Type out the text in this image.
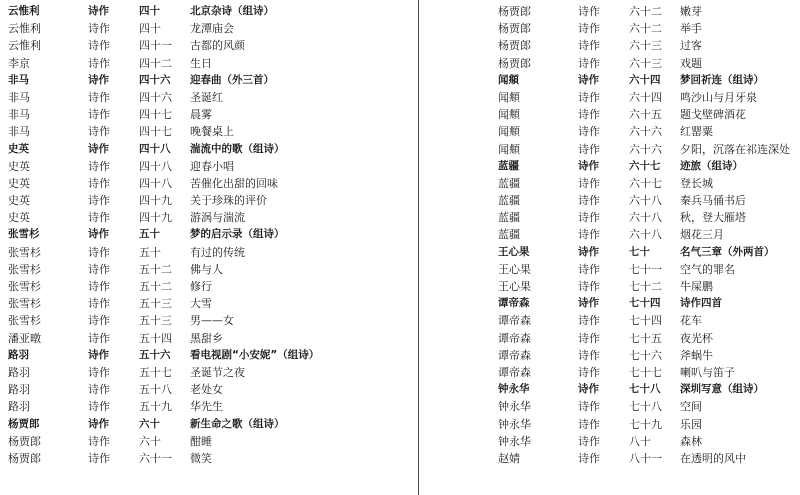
云惟利	诗作	四十	北京杂诗（组诗）
云惟利	诗作	四十	龙潭庙会
云惟利	诗作	四十一 古都的风颜
李京	诗作	四十二 生日
非马	诗作	四十六 迎春曲（外三首）
非马	诗作	四十六 圣诞红
非马	诗作	四十七 晨雾
非马	诗作	四十七 晚餐桌上
史英	诗作	四十八 湍流中的歌（组诗）
史英	诗作	四十八 迎春小唱
史英	诗作	四十八 苦催化出甜的回味
史英	诗作	四十九 关于珍珠的评价
史英	诗作	四十九 游涡与湍流
张雪杉	诗作	五十	梦的启示录（组诗）
张雪杉	诗作	五十	有过的传统
张雪杉	诗作	五十二 佛与人
张雪杉	诗作	五十二 修行
张雪杉	诗作	五十三 大雪
张雪杉	诗作	五十三 男——女
潘亚暾	诗作	五十四 黑甜乡
路羽	诗作	五十六 看电视剧“小安妮”（组诗）
路羽	诗作	五十七 圣诞节之夜
路羽	诗作	五十八 老处女
路羽	诗作	五十九 华先生
杨贾郎	诗作	六十	新生命之歌（组诗）
杨贾郎	诗作	六十	酣睡
杨贾郎	诗作	六十一 微笑
杨贾郎	诗作	六十二 嫩芽
杨贾郎	诗作	六十二 举手
杨贾郎	诗作	六十三 过客
杨贾郎	诗作	六十三 戏题
闻頫	诗作	六十四 梦回祈连（组诗）
闻頫	诗作	六十四 鸣沙山与月牙泉
闻頫	诗作	六十五 题戈壁碑酒花
闻頫	诗作	六十六 红罂粟
闻頫	诗作	六十六 夕阳，沉落在祁连深处
蓝疆	诗作	六十七 迹旅（组诗）
蓝疆	诗作	六十七 登长城
蓝疆	诗作	六十八 秦兵马俑书后
蓝疆	诗作	六十八 秋，登大雁塔
蓝疆	诗作	六十八 烟花三月
王心果	诗作	七十	名气三章（外两首）
王心果	诗作	七十一 空气的罪名
王心果	诗作	七十二 牛屎鹏
谭帝森	诗作	七十四 诗作四首
谭帝森	诗作	七十四 花车
谭帝森	诗作	七十五 夜光杯
谭帝森	诗作	七十六 斧蜗牛
谭帝森	诗作	七十七 喇叭与笛子
钟永华	诗作	七十八 深圳写意（组诗）
钟永华	诗作	七十八 空间
钟永华	诗作	七十九 乐园
钟永华	诗作	八十	森林
赵婧	诗作	八十一 在透明的风中
